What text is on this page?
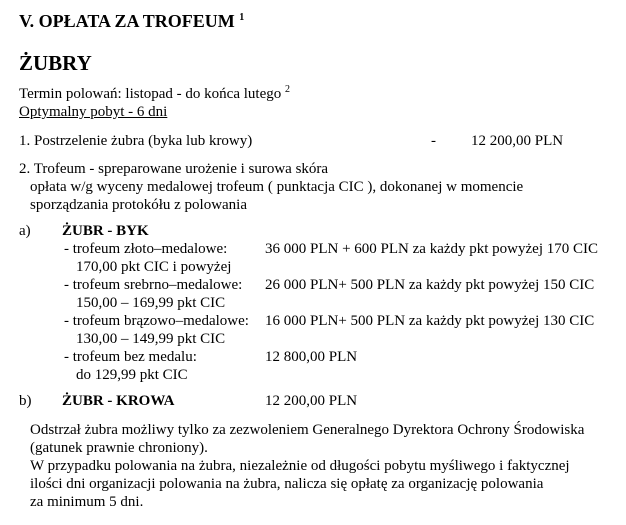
V. OPŁATA ZA TROFEUM $^1$
ŻUBRY
Termin polowań: listopad - do końca lutego $^2$
Optymalny pobyt - 6 dni
1. Postrzelenie żubra (byka lub krowy)	- 12 200,00 PLN
2. Trofeum - spreparowane urożenie i surowa skóra
opłata w/g wyceny medalowej trofeum ( punktacja CIC ), dokonanej w momencie
sporządzania protokółu z polowania
a) ŻUBR - BYK
- trofeum złoto–medalowe:	36 000 PLN + 600 PLN za każdy pkt powyżej 170 CIC
170,00 pkt CIC i powyżej
- trofeum srebrno–medalowe: 26 000 PLN+ 500 PLN za każdy pkt powyżej 150 CIC
150,00 – 169,99 pkt CIC
- trofeum brązowo–medalowe: 16 000 PLN+ 500 PLN za każdy pkt powyżej 130 CIC
130,00 – 149,99 pkt CIC
- trofeum bez medalu:	12 800,00 PLN
do 129,99 pkt CIC
b) ŻUBR - KROWA	12 200,00 PLN
Odstrzał żubra możliwy tylko za zezwoleniem Generalnego Dyrektora Ochrony Środowiska
(gatunek prawnie chroniony).
W przypadku polowania na żubra, niezależnie od długości pobytu myśliwego i faktycznej
ilości dni organizacji polowania na żubra, nalicza się opłatę za organizację polowania
za minimum 5 dni.
